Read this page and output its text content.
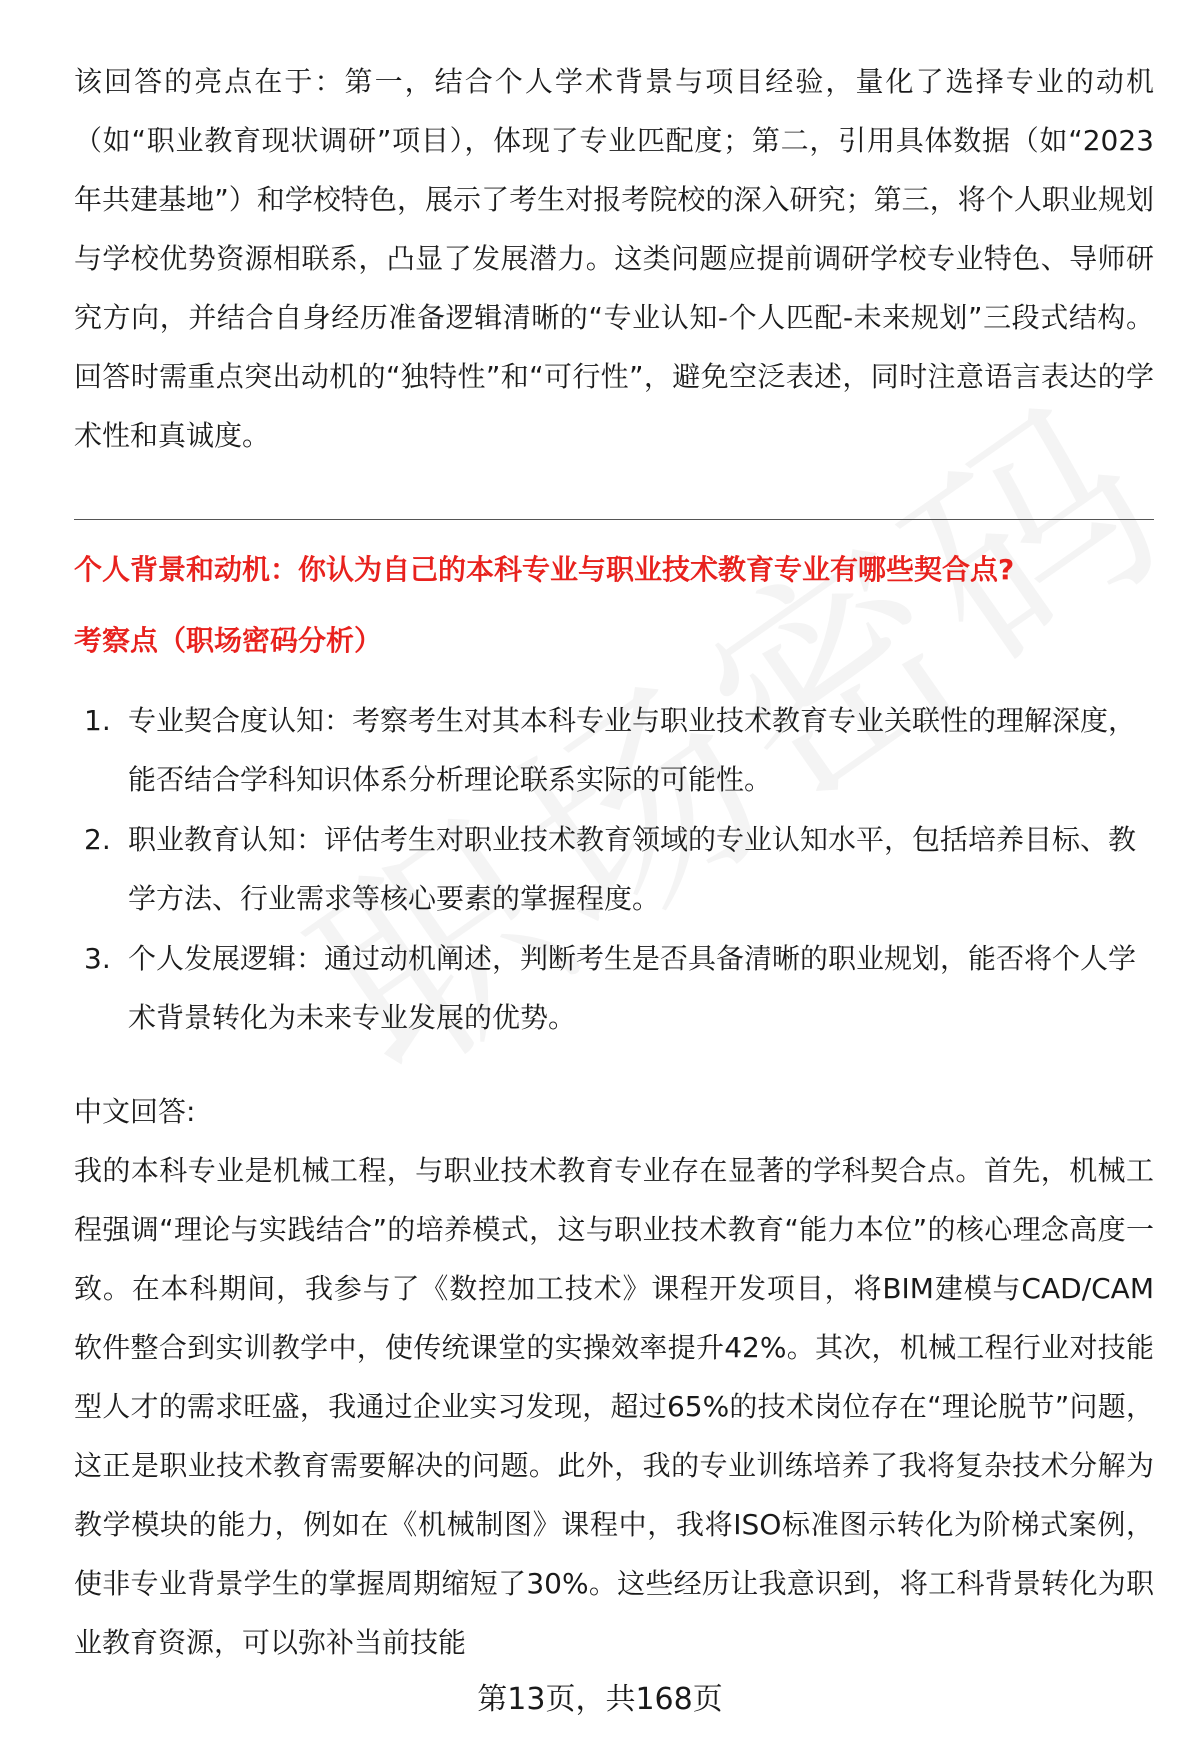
该回答的亮点在于：第一，结合个人学术背景与项目经验，量化了选择专业的动机（如“职业教育现状调研”项目），体现了专业匹配度；第二，引用具体数据（如“2023年共建基地”）和学校特色，展示了考生对报考院校的深入研究；第三，将个人职业规划与学校优势资源相联系，凸显了发展潜力。这类问题应提前调研学校专业特色、导师研究方向，并结合自身经历准备逻辑清晰的“专业认知-个人匹配-未来规划”三段式结构。回答时需重点突出动机的“独特性”和“可行性”，避免空泛表述，同时注意语言表达的学术性和真诚度。

个人背景和动机：你认为自己的本科专业与职业技术教育专业有哪些契合点?

考察点（职场密码分析）

1. 专业契合度认知：考察考生对其本科专业与职业技术教育专业关联性的理解深度，能否结合学科知识体系分析理论联系实际的可能性。
2. 职业教育认知：评估考生对职业技术教育领域的专业认知水平，包括培养目标、教学方法、行业需求等核心要素的掌握程度。
3. 个人发展逻辑：通过动机阐述，判断考生是否具备清晰的职业规划，能否将个人学术背景转化为未来专业发展的优势。

中文回答:

我的本科专业是机械工程，与职业技术教育专业存在显著的学科契合点。首先，机械工程强调“理论与实践结合”的培养模式，这与职业技术教育“能力本位”的核心理念高度一致。在本科期间，我参与了《数控加工技术》课程开发项目，将BIM建模与CAD/CAM软件整合到实训教学中，使传统课堂的实操效率提升42%。其次，机械工程行业对技能型人才的需求旺盛，我通过企业实习发现，超过65%的技术岗位存在“理论脱节”问题，这正是职业技术教育需要解决的问题。此外，我的专业训练培养了我将复杂技术分解为教学模块的能力，例如在《机械制图》课程中，我将ISO标准图示转化为阶梯式案例，使非专业背景学生的掌握周期缩短了30%。这些经历让我意识到，将工科背景转化为职业教育资源，可以弥补当前技能

第13页，共168页
